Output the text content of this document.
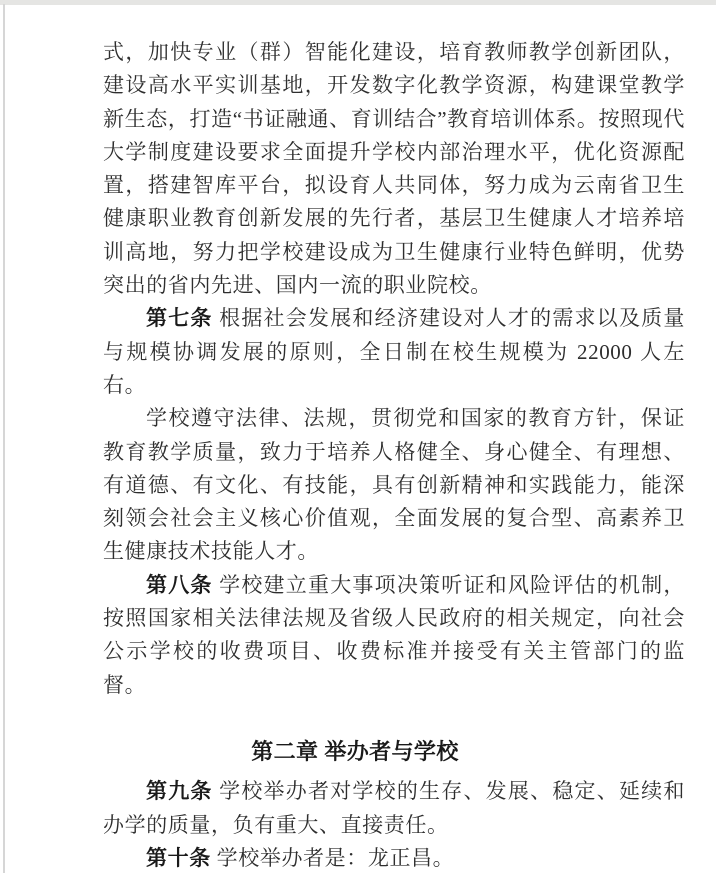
式，加快专业（群）智能化建设，培育教师教学创新团队，建设高水平实训基地，开发数字化教学资源，构建课堂教学新生态，打造“书证融通、育训结合”教育培训体系。按照现代大学制度建设要求全面提升学校内部治理水平，优化资源配置，搭建智库平台，拟设育人共同体，努力成为云南省卫生健康职业教育创新发展的先行者，基层卫生健康人才培养培训高地，努力把学校建设成为卫生健康行业特色鲜明，优势突出的省内先进、国内一流的职业院校。
第七条 根据社会发展和经济建设对人才的需求以及质量与规模协调发展的原则，全日制在校生规模为 22000 人左右。
学校遵守法律、法规，贯彻党和国家的教育方针，保证教育教学质量，致力于培养人格健全、身心健全、有理想、有道德、有文化、有技能，具有创新精神和实践能力，能深刻领会社会主义核心价值观，全面发展的复合型、高素养卫生健康技术技能人才。
第八条 学校建立重大事项决策听证和风险评估的机制，按照国家相关法律法规及省级人民政府的相关规定，向社会公示学校的收费项目、收费标准并接受有关主管部门的监督。
第二章 举办者与学校
第九条 学校举办者对学校的生存、发展、稳定、延续和办学的质量，负有重大、直接责任。
第十条 学校举办者是：龙正昌。
